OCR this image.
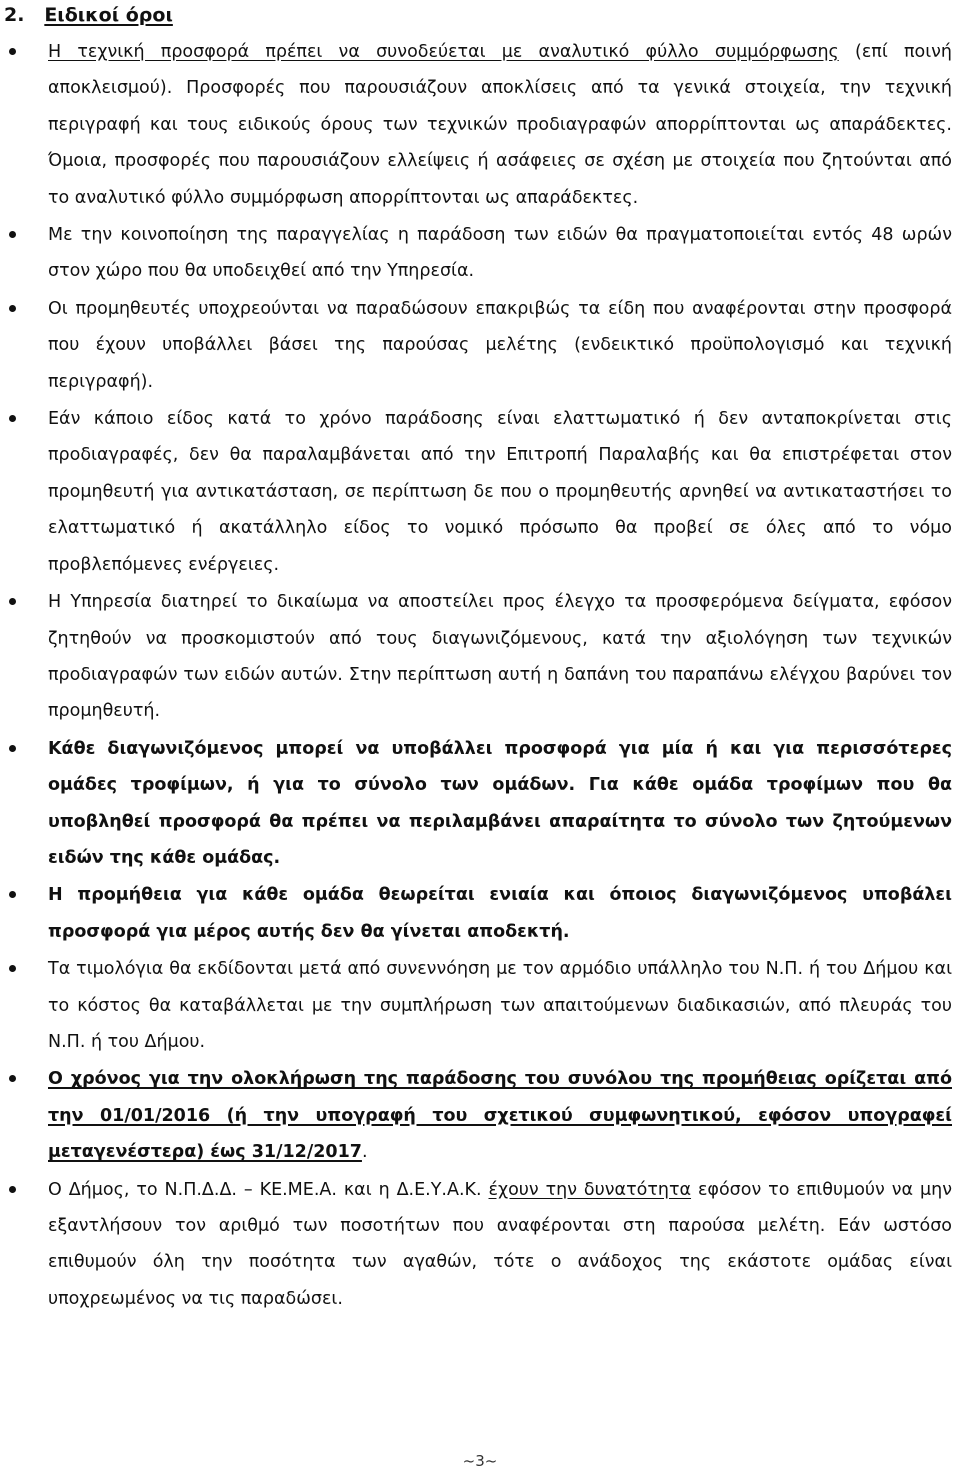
2. Ειδικοί όροι
Η τεχνική προσφορά πρέπει να συνοδεύεται με αναλυτικό φύλλο συμμόρφωσης (επί ποινή αποκλεισμού). Προσφορές που παρουσιάζουν αποκλίσεις από τα γενικά στοιχεία, την τεχνική περιγραφή και τους ειδικούς όρους των τεχνικών προδιαγραφών απορρίπτονται ως απαράδεκτες. Όμοια, προσφορές που παρουσιάζουν ελλείψεις ή ασάφειες σε σχέση με στοιχεία που ζητούνται από το αναλυτικό φύλλο συμμόρφωση απορρίπτονται ως απαράδεκτες.
Με την κοινοποίηση της παραγγελίας η παράδοση των ειδών θα πραγματοποιείται εντός 48 ωρών στον χώρο που θα υποδειχθεί από την Υπηρεσία.
Οι προμηθευτές υποχρεούνται να παραδώσουν επακριβώς τα είδη που αναφέρονται στην προσφορά που έχουν υποβάλλει βάσει της παρούσας μελέτης (ενδεικτικό προϋπολογισμό και τεχνική περιγραφή).
Εάν κάποιο είδος κατά το χρόνο παράδοσης είναι ελαττωματικό ή δεν ανταποκρίνεται στις προδιαγραφές, δεν θα παραλαμβάνεται από την Επιτροπή Παραλαβής και θα επιστρέφεται στον προμηθευτή για αντικατάσταση, σε περίπτωση δε που ο προμηθευτής αρνηθεί να αντικαταστήσει το ελαττωματικό ή ακατάλληλο είδος το νομικό πρόσωπο θα προβεί σε όλες από το νόμο προβλεπόμενες ενέργειες.
Η Υπηρεσία διατηρεί το δικαίωμα να αποστείλει προς έλεγχο τα προσφερόμενα δείγματα, εφόσον ζητηθούν να προσκομιστούν από τους διαγωνιζόμενους, κατά την αξιολόγηση των τεχνικών προδιαγραφών των ειδών αυτών. Στην περίπτωση αυτή η δαπάνη του παραπάνω ελέγχου βαρύνει τον προμηθευτή.
Κάθε διαγωνιζόμενος μπορεί να υποβάλλει προσφορά για μία ή και για περισσότερες ομάδες τροφίμων, ή για το σύνολο των ομάδων. Για κάθε ομάδα τροφίμων που θα υποβληθεί προσφορά θα πρέπει να περιλαμβάνει απαραίτητα το σύνολο των ζητούμενων ειδών της κάθε ομάδας.
Η προμήθεια για κάθε ομάδα θεωρείται ενιαία και όποιος διαγωνιζόμενος υποβάλει προσφορά για μέρος αυτής δεν θα γίνεται αποδεκτή.
Τα τιμολόγια θα εκδίδονται μετά από συνεννόηση με τον αρμόδιο υπάλληλο του Ν.Π. ή του Δήμου και το κόστος θα καταβάλλεται με την συμπλήρωση των απαιτούμενων διαδικασιών, από πλευράς του Ν.Π. ή του Δήμου.
Ο χρόνος για την ολοκλήρωση της παράδοσης του συνόλου της προμήθειας ορίζεται από την 01/01/2016 (ή την υπογραφή του σχετικού συμφωνητικού, εφόσον υπογραφεί μεταγενέστερα) έως 31/12/2017.
Ο Δήμος, το Ν.Π.Δ.Δ. – ΚΕ.ΜΕ.Α. και η Δ.Ε.Υ.Α.Κ. έχουν την δυνατότητα εφόσον το επιθυμούν να μην εξαντλήσουν τον αριθμό των ποσοτήτων που αναφέρονται στη παρούσα μελέτη. Εάν ωστόσο επιθυμούν όλη την ποσότητα των αγαθών, τότε ο ανάδοχος της εκάστοτε ομάδας είναι υποχρεωμένος να τις παραδώσει.
~3~
